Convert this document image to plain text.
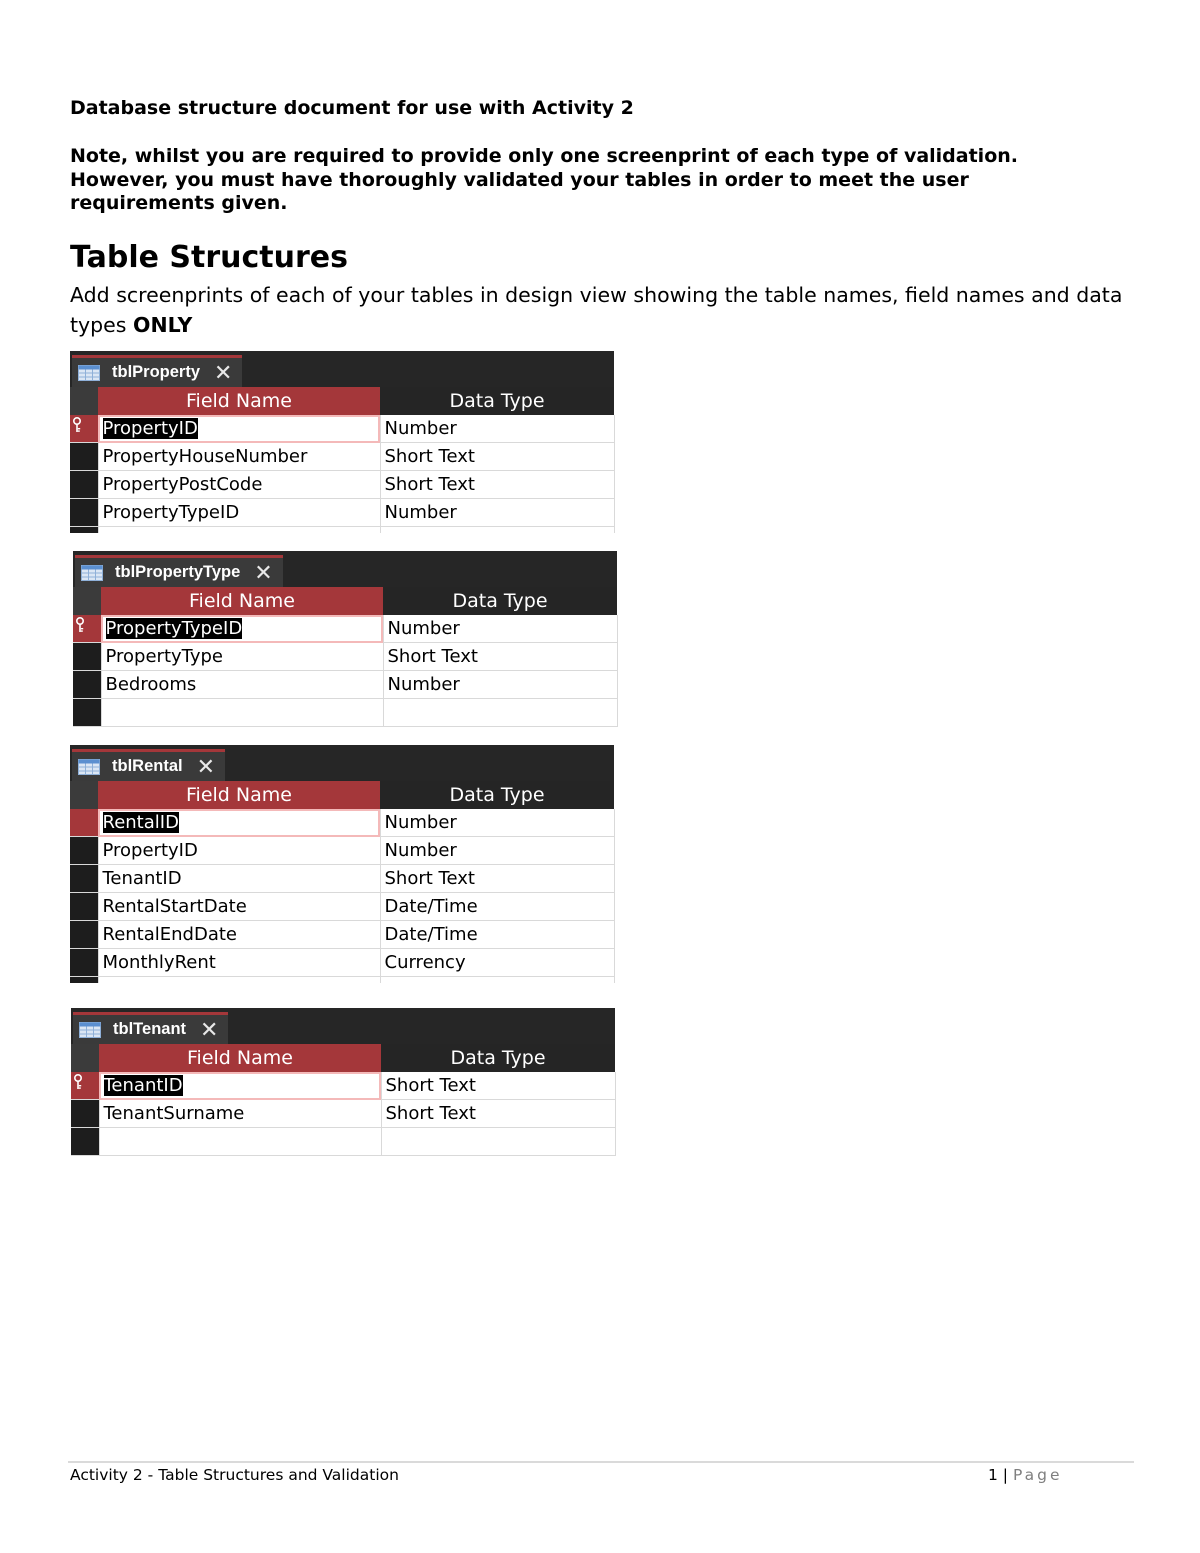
Database structure document for use with Activity 2

Note, whilst you are required to provide only one screenprint of each type of validation.
However, you must have thoroughly validated your tables in order to meet the user
requirements given.

Table Structures

Add screenprints of each of your tables in design view showing the table names, field names and data types ONLY

tblProperty ✕
	Field Name	Data Type

	PropertyID	Number
	PropertyHouseNumber	Short Text
	PropertyPostCode	Short Text
	PropertyTypeID	Number

tblPropertyType ✕
	Field Name	Data Type

	PropertyTypeID	Number
	PropertyType	Short Text
	Bedrooms	Number

tblRental ✕
	Field Name	Data Type
	RentalID	Number
	PropertyID	Number
	TenantID	Short Text
	RentalStartDate	Date/Time
	RentalEndDate	Date/Time
	MonthlyRent	Currency

tblTenant ✕
	Field Name	Data Type

	TenantID	Short Text
	TenantSurname	Short Text

Activity 2 - Table Structures and Validation	1 | Page
